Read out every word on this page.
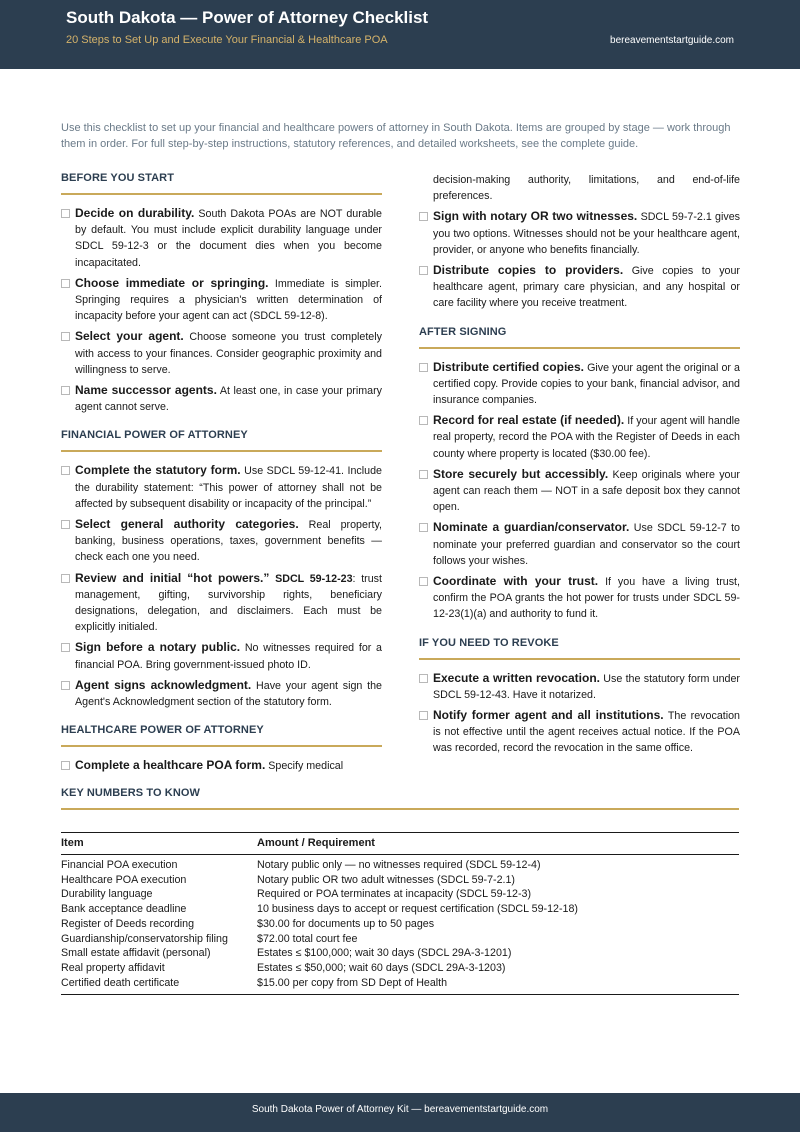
South Dakota — Power of Attorney Checklist
20 Steps to Set Up and Execute Your Financial & Healthcare POA	bereavementstartguide.com
Use this checklist to set up your financial and healthcare powers of attorney in South Dakota. Items are grouped by stage — work through them in order. For full step-by-step instructions, statutory references, and detailed worksheets, see the complete guide.
BEFORE YOU START
Decide on durability. South Dakota POAs are NOT durable by default. You must include explicit durability language under SDCL 59-12-3 or the document dies when you become incapacitated.
Choose immediate or springing. Immediate is simpler. Springing requires a physician's written determination of incapacity before your agent can act (SDCL 59-12-8).
Select your agent. Choose someone you trust completely with access to your finances. Consider geographic proximity and willingness to serve.
Name successor agents. At least one, in case your primary agent cannot serve.
FINANCIAL POWER OF ATTORNEY
Complete the statutory form. Use SDCL 59-12-41. Include the durability statement: “This power of attorney shall not be affected by subsequent disability or incapacity of the principal.”
Select general authority categories. Real property, banking, business operations, taxes, government benefits — check each one you need.
Review and initial “hot powers.” SDCL 59-12-23: trust management, gifting, survivorship rights, beneficiary designations, delegation, and disclaimers. Each must be explicitly initialed.
Sign before a notary public. No witnesses required for a financial POA. Bring government-issued photo ID.
Agent signs acknowledgment. Have your agent sign the Agent's Acknowledgment section of the statutory form.
HEALTHCARE POWER OF ATTORNEY
Complete a healthcare POA form. Specify medical
decision-making authority, limitations, and end-of-life preferences.
Sign with notary OR two witnesses. SDCL 59-7-2.1 gives you two options. Witnesses should not be your healthcare agent, provider, or anyone who benefits financially.
Distribute copies to providers. Give copies to your healthcare agent, primary care physician, and any hospital or care facility where you receive treatment.
AFTER SIGNING
Distribute certified copies. Give your agent the original or a certified copy. Provide copies to your bank, financial advisor, and insurance companies.
Record for real estate (if needed). If your agent will handle real property, record the POA with the Register of Deeds in each county where property is located ($30.00 fee).
Store securely but accessibly. Keep originals where your agent can reach them — NOT in a safe deposit box they cannot open.
Nominate a guardian/conservator. Use SDCL 59-12-7 to nominate your preferred guardian and conservator so the court follows your wishes.
Coordinate with your trust. If you have a living trust, confirm the POA grants the hot power for trusts under SDCL 59-12-23(1)(a) and authority to fund it.
IF YOU NEED TO REVOKE
Execute a written revocation. Use the statutory form under SDCL 59-12-43. Have it notarized.
Notify former agent and all institutions. The revocation is not effective until the agent receives actual notice. If the POA was recorded, record the revocation in the same office.
KEY NUMBERS TO KNOW
Item	Amount / Requirement
Financial POA execution	Notary public only — no witnesses required (SDCL 59-12-4)
Healthcare POA execution	Notary public OR two adult witnesses (SDCL 59-7-2.1)
Durability language	Required or POA terminates at incapacity (SDCL 59-12-3)
Bank acceptance deadline	10 business days to accept or request certification (SDCL 59-12-18)
Register of Deeds recording	$30.00 for documents up to 50 pages
Guardianship/conservatorship filing	$72.00 total court fee
Small estate affidavit (personal)	Estates ≤ $100,000; wait 30 days (SDCL 29A-3-1201)
Real property affidavit	Estates ≤ $50,000; wait 60 days (SDCL 29A-3-1203)
Certified death certificate	$15.00 per copy from SD Dept of Health
South Dakota Power of Attorney Kit — bereavementstartguide.com
